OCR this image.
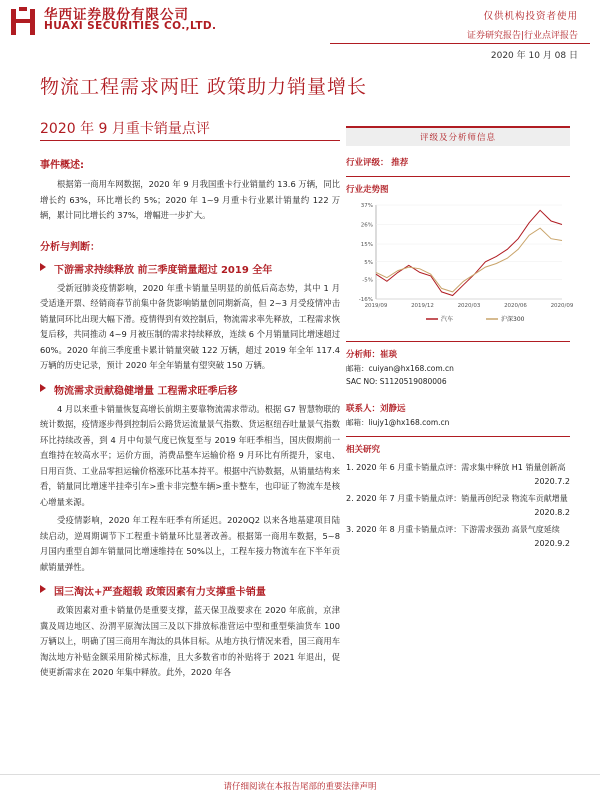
华西证券股份有限公司
HUAXI SECURITIES CO.,LTD.
仅供机构投资者使用
证券研究报告|行业点评报告
2020 年 10 月 08 日
物流工程需求两旺 政策助力销量增长
2020 年 9 月重卡销量点评
事件概述:

根据第一商用车网数据，2020 年 9 月我国重卡行业销量约 13.6 万辆，同比增长约 63%，环比增长约 5%；2020 年 1~9 月重卡行业累计销量约 122 万辆，累计同比增长约 37%，增幅进一步扩大。

分析与判断：
下游需求持续释放 前三季度销量超过 2019 全年

受新冠肺炎疫情影响，2020 年重卡销量呈明显的前低后高态势，其中 1 月受适逢开票、经销商春节前集中备货影响销量创同期新高，但 2~3 月受疫情冲击销量同环比出现大幅下滑。疫情得到有效控制后，物流需求率先释放，工程需求恢复后移，共同推动 4~9 月被压制的需求持续释放，连续 6 个月销量同比增速超过 60%。2020 年前三季度重卡累计销量突破 122 万辆，超过 2019 年全年 117.4 万辆的历史记录，预计 2020 年全年销量有望突破 150 万辆。

物流需求贡献稳健增量 工程需求旺季后移

4 月以来重卡销量恢复高增长前期主要靠物流需求带动。根据 G7 智慧物联的统计数据，疫情逐步得到控制后公路货运流量景气指数、货运枢纽吞吐量景气指数环比持续改善，到 4 月中旬景气度已恢复至与 2019 年旺季相当，国庆假期前一直维持在较高水平；运价方面，消费品整车运输价格 9 月环比有所提升，家电、日用百货、工业品零担运输价格涨环比基本持平。根据中汽协数据，从销量结构来看，销量同比增速半挂牵引车>重卡非完整车辆>重卡整车，也印证了物流车是核心增量来源。

受疫情影响，2020 年工程车旺季有所延迟。2020Q2 以来各地基建项目陆续启动，逆周期调节下工程重卡销量环比显著改善。根据第一商用车数据，5~8 月国内重型自卸车销量同比增速维持在 50%以上，工程车接力物流车在下半年贡献销量弹性。

国三淘汰+严查超载 政策因素有力支撑重卡销量

政策因素对重卡销量仍是重要支撑，蓝天保卫战要求在 2020 年底前，京津冀及周边地区、汾渭平原淘汰国三及以下排放标准营运中型和重型柴油货车 100 万辆以上，明确了国三商用车淘汰的具体目标。从地方执行情况来看，国三商用车淘汰地方补贴金额采用阶梯式标准，且大多数省市的补贴将于 2021 年退出，促使更新需求在 2020 年集中释放。此外，2020 年各

评级及分析师信息
行业评级： 推荐
行业走势图
-16%
-5%
5%
15%
26%
37%
2019/09	2019/12	2020/03	2020/06	2020/09
汽车	沪深300
分析师：崔琰
邮箱：cuiyan@hx168.com.cn
SAC NO: S1120519080006
联系人：刘静远
邮箱：liujy1@hx168.com.cn
相关研究
1. 2020 年 6 月重卡销量点评：需求集中释放 H1 销量创新高
2020.7.2
2. 2020 年 7 月重卡销量点评：销量再创纪录 物流车贡献增量
2020.8.2
3. 2020 年 8 月重卡销量点评：下游需求强劲 高景气度延续
2020.9.2
请仔细阅读在本报告尾部的重要法律声明
